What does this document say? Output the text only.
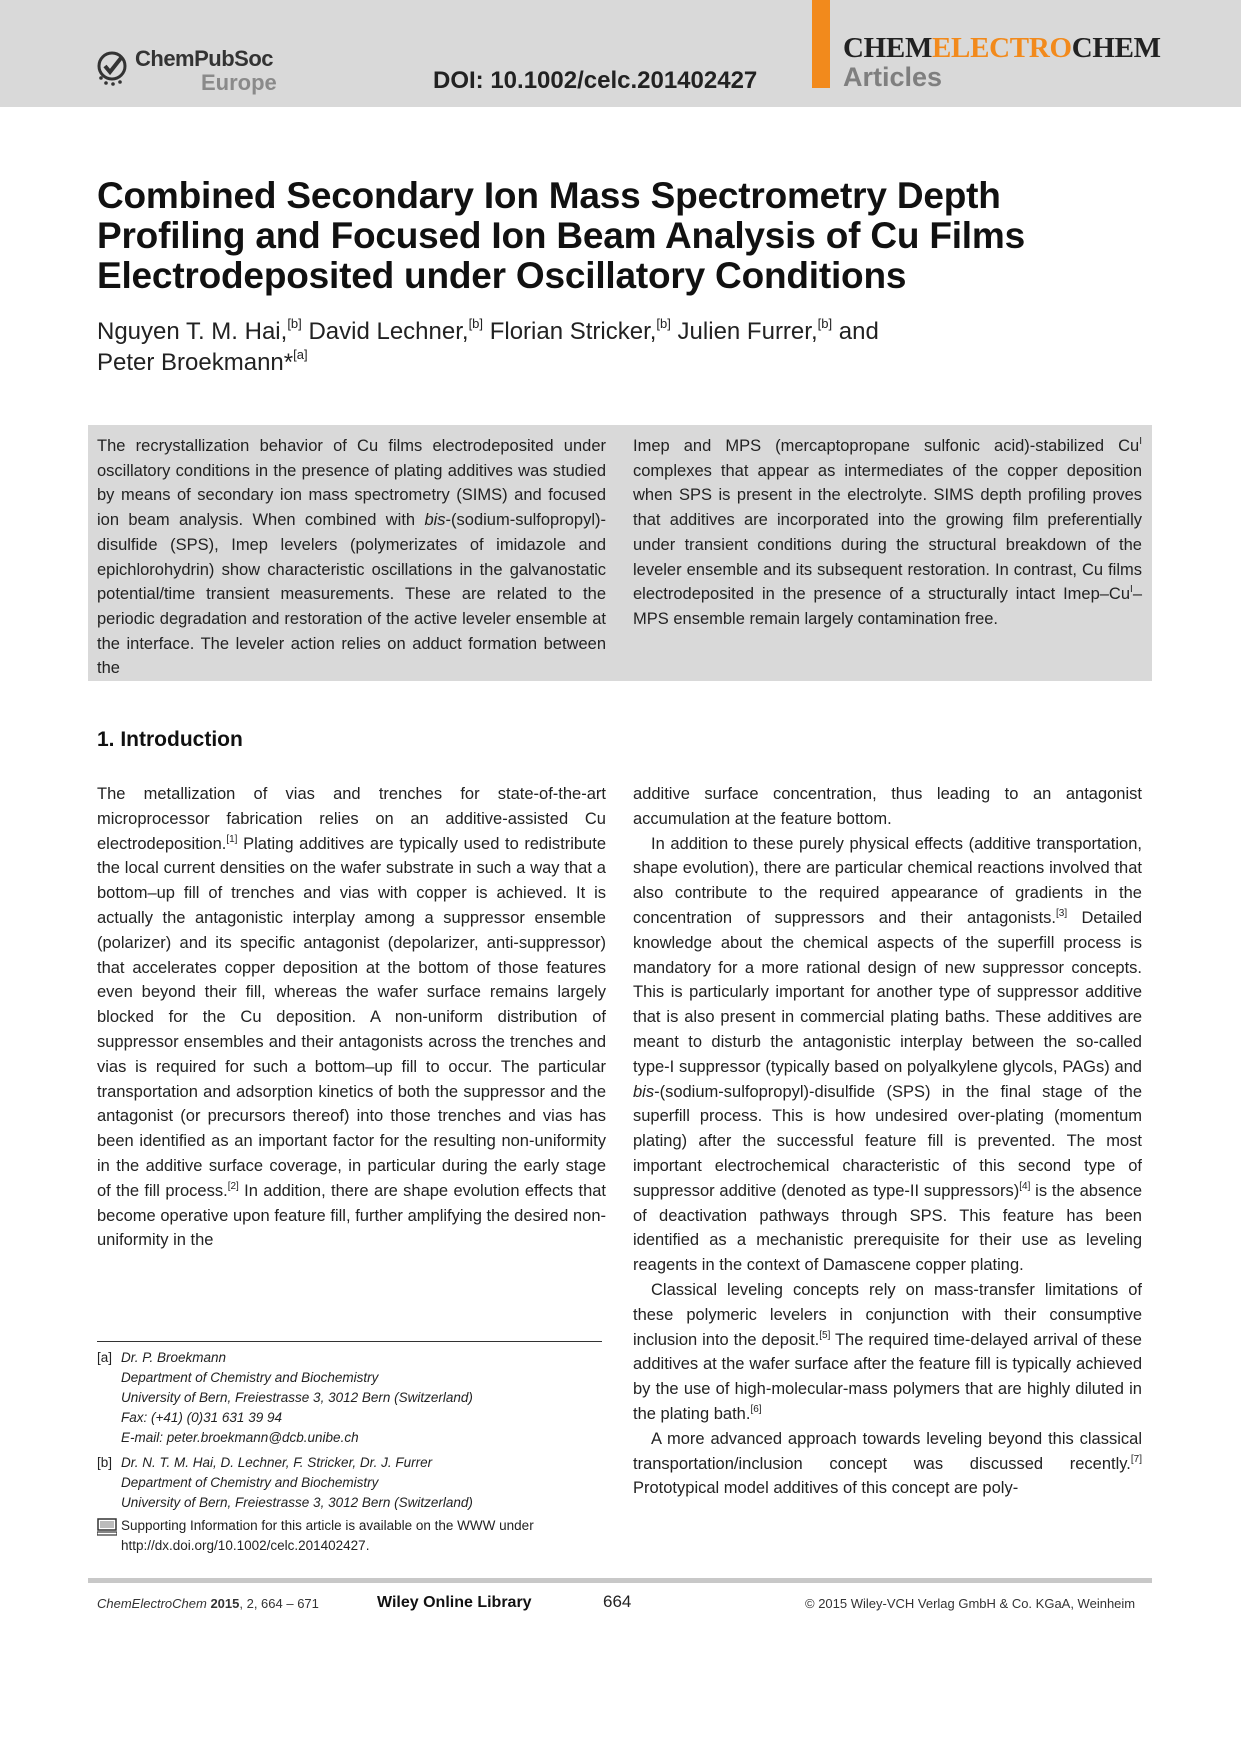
ChemPubSoc
Europe	DOI: 10.1002/celc.201402427
CHEMELECTROCHEM
Articles
Combined Secondary Ion Mass Spectrometry Depth
Profiling and Focused Ion Beam Analysis of Cu Films
Electrodeposited under Oscillatory Conditions
Nguyen T. M. Hai,[b] David Lechner,[b] Florian Stricker,[b] Julien Furrer,[b] and
Peter Broekmann*[a]
The recrystallization behavior of Cu films electrodeposited under oscillatory conditions in the presence of plating additives was studied by means of secondary ion mass spectrometry (SIMS) and focused ion beam analysis. When combined with bis-(sodium-sulfopropyl)-disulfide (SPS), Imep levelers (polymerizates of imidazole and epichlorohydrin) show characteristic oscillations in the galvanostatic potential/time transient measurements. These are related to the periodic degradation and restoration of the active leveler ensemble at the interface. The leveler action relies on adduct formation between the
Imep and MPS (mercaptopropane sulfonic acid)-stabilized $Cu^I$ complexes that appear as intermediates of the copper deposition when SPS is present in the electrolyte. SIMS depth profiling proves that additives are incorporated into the growing film preferentially under transient conditions during the structural breakdown of the leveler ensemble and its subsequent restoration. In contrast, Cu films electrodeposited in the presence of a structurally intact Imep–$Cu^I$–MPS ensemble remain largely contamination free.
1. Introduction

The metallization of vias and trenches for state-of-the-art microprocessor fabrication relies on an additive-assisted Cu electrodeposition.[1] Plating additives are typically used to redistribute the local current densities on the wafer substrate in such a way that a bottom–up fill of trenches and vias with copper is achieved. It is actually the antagonistic interplay among a suppressor ensemble (polarizer) and its specific antagonist (depolarizer, anti-suppressor) that accelerates copper deposition at the bottom of those features even beyond their fill, whereas the wafer surface remains largely blocked for the Cu deposition. A non-uniform distribution of suppressor ensembles and their antagonists across the trenches and vias is required for such a bottom–up fill to occur. The particular transportation and adsorption kinetics of both the suppressor and the antagonist (or precursors thereof) into those trenches and vias has been identified as an important factor for the resulting non-uniformity in the additive surface coverage, in particular during the early stage of the fill process.[2] In addition, there are shape evolution effects that become operative upon feature fill, further amplifying the desired non-uniformity in the

additive surface concentration, thus leading to an antagonist accumulation at the feature bottom.

In addition to these purely physical effects (additive transportation, shape evolution), there are particular chemical reactions involved that also contribute to the required appearance of gradients in the concentration of suppressors and their antagonists.[3] Detailed knowledge about the chemical aspects of the superfill process is mandatory for a more rational design of new suppressor concepts. This is particularly important for another type of suppressor additive that is also present in commercial plating baths. These additives are meant to disturb the antagonistic interplay between the so-called type-I suppressor (typically based on polyalkylene glycols, PAGs) and bis-(sodium-sulfopropyl)-disulfide (SPS) in the final stage of the superfill process. This is how undesired over-plating (momentum plating) after the successful feature fill is prevented. The most important electrochemical characteristic of this second type of suppressor additive (denoted as type-II suppressors)[4] is the absence of deactivation pathways through SPS. This feature has been identified as a mechanistic prerequisite for their use as leveling reagents in the context of Damascene copper plating.

Classical leveling concepts rely on mass-transfer limitations of these polymeric levelers in conjunction with their consumptive inclusion into the deposit.[5] The required time-delayed arrival of these additives at the wafer surface after the feature fill is typically achieved by the use of high-molecular-mass polymers that are highly diluted in the plating bath.[6]

A more advanced approach towards leveling beyond this classical transportation/inclusion concept was discussed recently.[7] Prototypical model additives of this concept are poly-

[a] Dr. P. Broekmann
Department of Chemistry and Biochemistry
University of Bern, Freiestrasse 3, 3012 Bern (Switzerland)
Fax: (+41) (0)31 631 39 94
E-mail: peter.broekmann@dcb.unibe.ch
[b] Dr. N. T. M. Hai, D. Lechner, F. Stricker, Dr. J. Furrer
Department of Chemistry and Biochemistry
University of Bern, Freiestrasse 3, 3012 Bern (Switzerland)
Supporting Information for this article is available on the WWW under
http://dx.doi.org/10.1002/celc.201402427.
ChemElectroChem 2015, 2, 664 – 671	Wiley Online Library	664	© 2015 Wiley-VCH Verlag GmbH & Co. KGaA, Weinheim
